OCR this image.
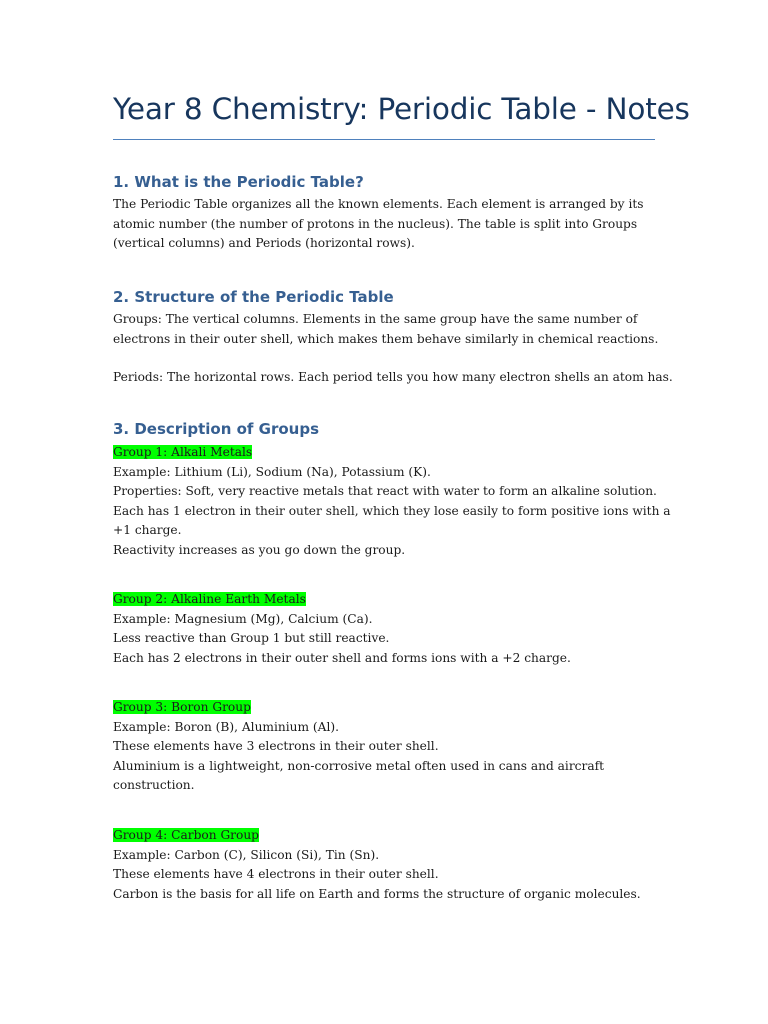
Year 8 Chemistry: Periodic Table - Notes
1. What is the Periodic Table?
The Periodic Table organizes all the known elements. Each element is arranged by its
atomic number (the number of protons in the nucleus). The table is split into Groups
(vertical columns) and Periods (horizontal rows).
2. Structure of the Periodic Table
Groups: The vertical columns. Elements in the same group have the same number of
electrons in their outer shell, which makes them behave similarly in chemical reactions.
Periods: The horizontal rows. Each period tells you how many electron shells an atom has.
3. Description of Groups
Group 1: Alkali Metals
Example: Lithium (Li), Sodium (Na), Potassium (K).
Properties: Soft, very reactive metals that react with water to form an alkaline solution.
Each has 1 electron in their outer shell, which they lose easily to form positive ions with a
+1 charge.
Reactivity increases as you go down the group.
Group 2: Alkaline Earth Metals
Example: Magnesium (Mg), Calcium (Ca).
Less reactive than Group 1 but still reactive.
Each has 2 electrons in their outer shell and forms ions with a +2 charge.
Group 3: Boron Group
Example: Boron (B), Aluminium (Al).
These elements have 3 electrons in their outer shell.
Aluminium is a lightweight, non-corrosive metal often used in cans and aircraft
construction.
Group 4: Carbon Group
Example: Carbon (C), Silicon (Si), Tin (Sn).
These elements have 4 electrons in their outer shell.
Carbon is the basis for all life on Earth and forms the structure of organic molecules.
